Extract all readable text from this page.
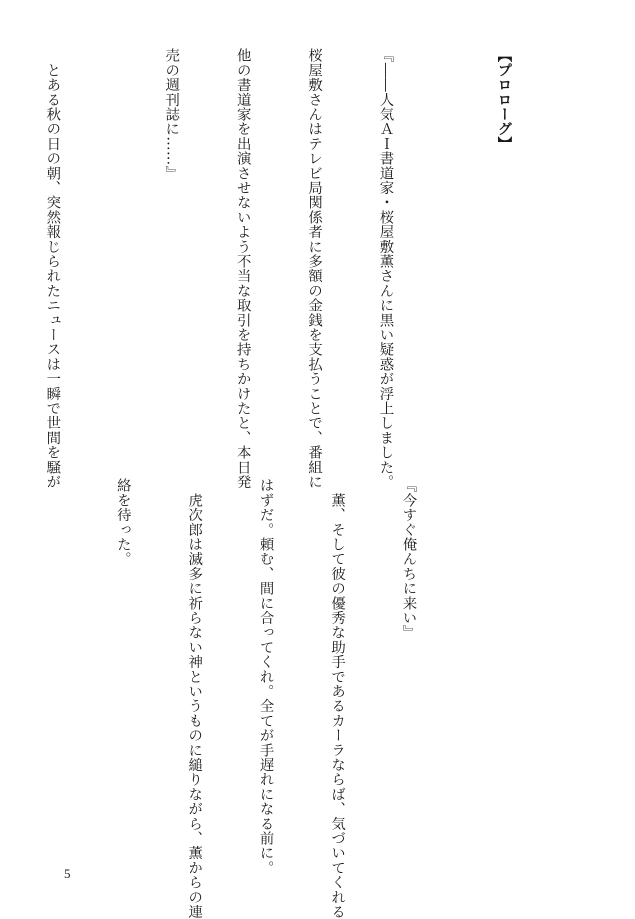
【プロローグ】

『――人気ＡＩ書道家・桜屋敷薫さんに黒い疑惑が浮上しました。

桜屋敷さんはテレビ局関係者に多額の金銭を支払うことで、番組に

他の書道家を出演させないよう不当な取引を持ちかけたと、本日発

売の週刊誌に……』

　とある秋の日の朝、突然報じられたニュースは一瞬で世間を騒が

『今すぐ俺んちに来い』

　薫、そして彼の優秀な助手であるカーラならば、気づいてくれる

はずだ。頼む、間に合ってくれ。全てが手遅れになる前に。

　虎次郎は滅多に祈らない神というものに縋りながら、薫からの連

絡を待った。

5
